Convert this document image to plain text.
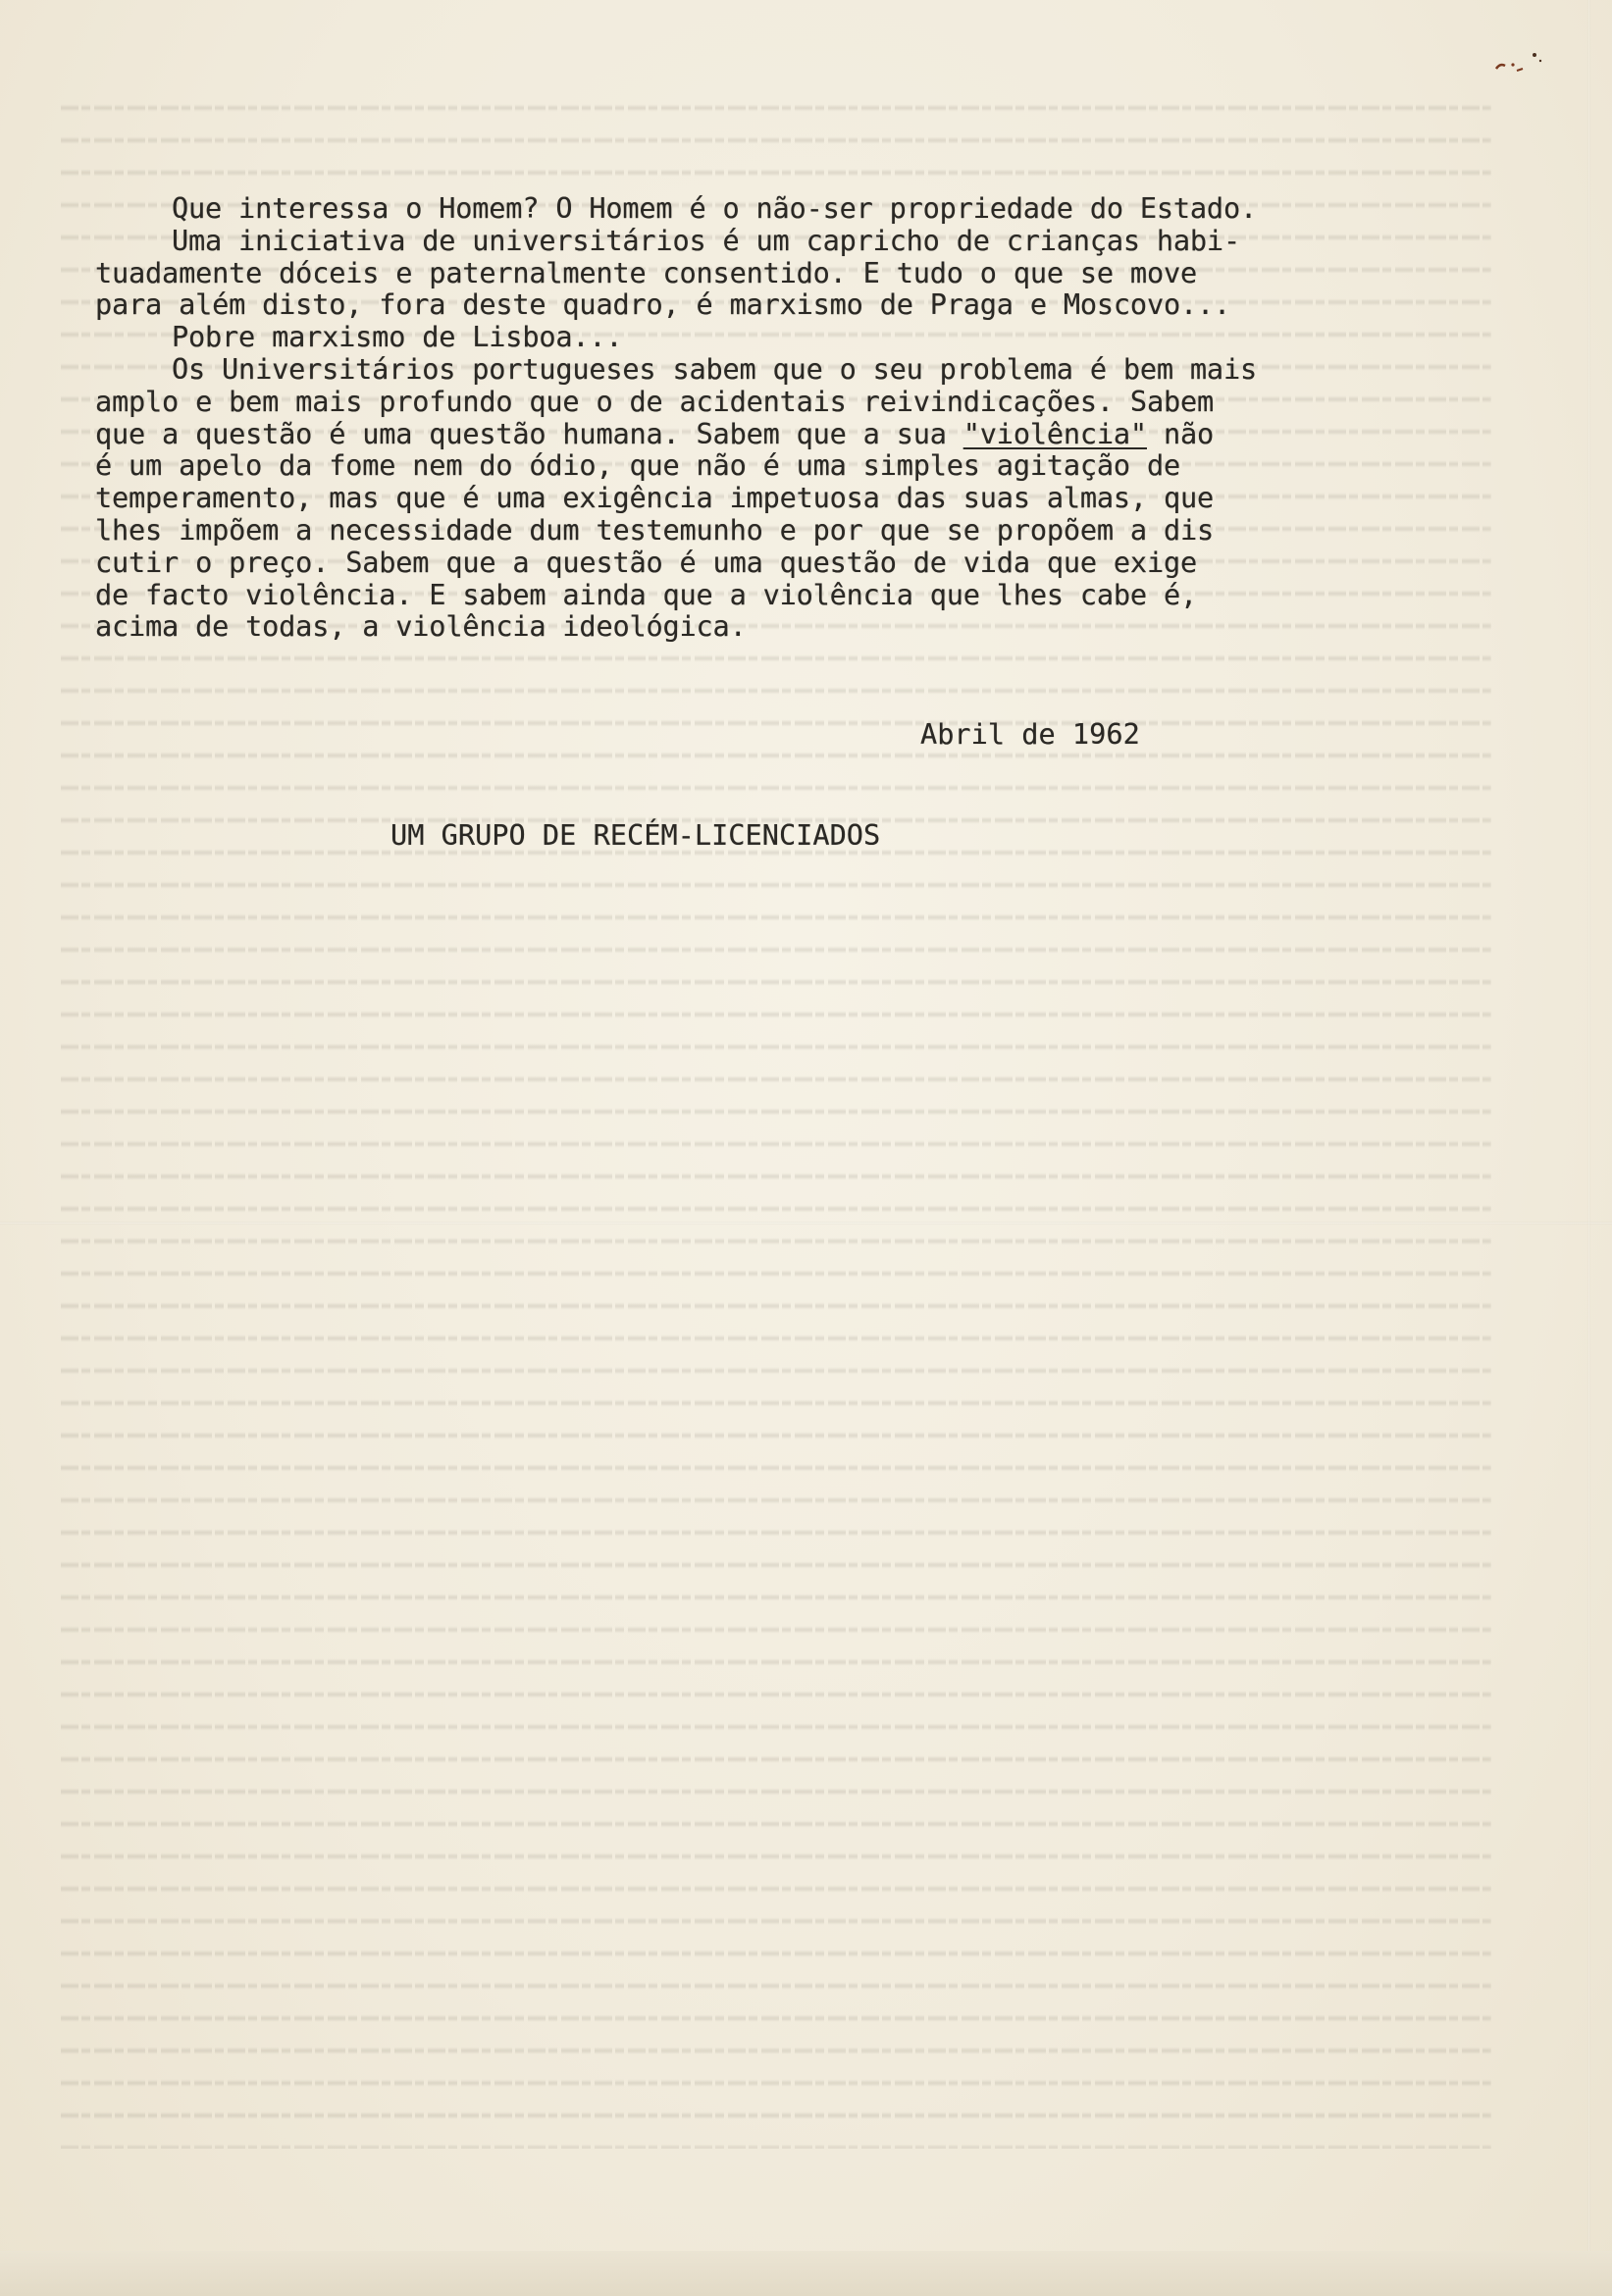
Que interessa o Homem? O Homem é o não-ser propriedade do Estado.
Uma iniciativa de universitários é um capricho de crianças habi-
tuadamente dóceis e paternalmente consentido. E tudo o que se move
para além disto, fora deste quadro, é marxismo de Praga e Moscovo...
Pobre marxismo de Lisboa...
Os Universitários portugueses sabem que o seu problema é bem mais
amplo e bem mais profundo que o de acidentais reivindicações. Sabem
que a questão é uma questão humana. Sabem que a sua "violência" não
é um apelo da fome nem do ódio, que não é uma simples agitação de
temperamento, mas que é uma exigência impetuosa das suas almas, que
lhes impõem a necessidade dum testemunho e por que se propõem a dis
cutir o preço. Sabem que a questão é uma questão de vida que exige
de facto violência. E sabem ainda que a violência que lhes cabe é,
acima de todas, a violência ideológica.
Abril de 1962
UM GRUPO DE RECÉM-LICENCIADOS
